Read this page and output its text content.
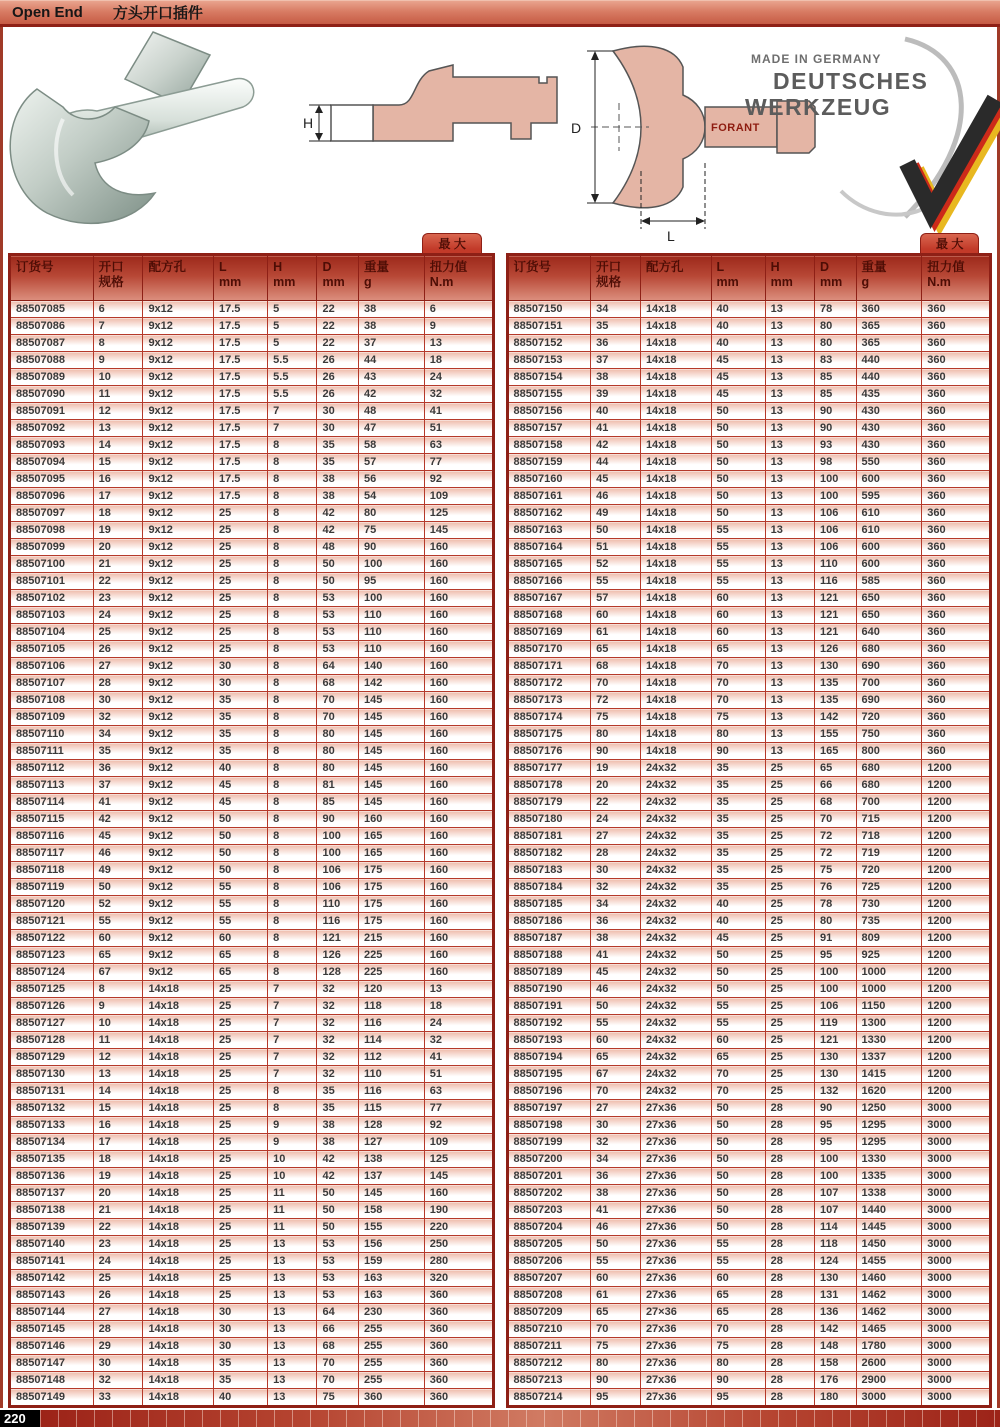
Open End 方头开口插件
H	FORANT
D
L
MADE IN GERMANY
DEUTSCHES
WERKZEUG
最 大
订货号	开口
规格

配方孔	L
mm

H
mm

D
mm

重量
g

扭力值
N.m

88507085	6	9x12	17.5	5	22	38	6
88507086	7	9x12	17.5	5	22	38	9
88507087	8	9x12	17.5	5	22	37	13
88507088	9	9x12	17.5	5.5	26	44	18
88507089	10	9x12	17.5	5.5	26	43	24
88507090	11	9x12	17.5	5.5	26	42	32
88507091	12	9x12	17.5	7	30	48	41
88507092	13	9x12	17.5	7	30	47	51
88507093	14	9x12	17.5	8	35	58	63
88507094	15	9x12	17.5	8	35	57	77
88507095	16	9x12	17.5	8	38	56	92
88507096	17	9x12	17.5	8	38	54	109
88507097	18	9x12	25	8	42	80	125
88507098	19	9x12	25	8	42	75	145
88507099	20	9x12	25	8	48	90	160
88507100	21	9x12	25	8	50	100	160
88507101	22	9x12	25	8	50	95	160
88507102	23	9x12	25	8	53	100	160
88507103	24	9x12	25	8	53	110	160
88507104	25	9x12	25	8	53	110	160
88507105	26	9x12	25	8	53	110	160
88507106	27	9x12	30	8	64	140	160
88507107	28	9x12	30	8	68	142	160
88507108	30	9x12	35	8	70	145	160
88507109	32	9x12	35	8	70	145	160
88507110	34	9x12	35	8	80	145	160
88507111	35	9x12	35	8	80	145	160
88507112	36	9x12	40	8	80	145	160
88507113	37	9x12	45	8	81	145	160
88507114	41	9x12	45	8	85	145	160
88507115	42	9x12	50	8	90	160	160
88507116	45	9x12	50	8	100	165	160
88507117	46	9x12	50	8	100	165	160
88507118	49	9x12	50	8	106	175	160
88507119	50	9x12	55	8	106	175	160
88507120	52	9x12	55	8	110	175	160
88507121	55	9x12	55	8	116	175	160
88507122	60	9x12	60	8	121	215	160
88507123	65	9x12	65	8	126	225	160
88507124	67	9x12	65	8	128	225	160
88507125	8	14x18	25	7	32	120	13
88507126	9	14x18	25	7	32	118	18
88507127	10	14x18	25	7	32	116	24
88507128	11	14x18	25	7	32	114	32
88507129	12	14x18	25	7	32	112	41
88507130	13	14x18	25	7	32	110	51
88507131	14	14x18	25	8	35	116	63
88507132	15	14x18	25	8	35	115	77
88507133	16	14x18	25	9	38	128	92
88507134	17	14x18	25	9	38	127	109
88507135	18	14x18	25	10	42	138	125
88507136	19	14x18	25	10	42	137	145
88507137	20	14x18	25	11	50	145	160
88507138	21	14x18	25	11	50	158	190
88507139	22	14x18	25	11	50	155	220
88507140	23	14x18	25	13	53	156	250
88507141	24	14x18	25	13	53	159	280
88507142	25	14x18	25	13	53	163	320
88507143	26	14x18	25	13	53	163	360
88507144	27	14x18	30	13	64	230	360
88507145	28	14x18	30	13	66	255	360
88507146	29	14x18	30	13	68	255	360
88507147	30	14x18	35	13	70	255	360
88507148	32	14x18	35	13	70	255	360
88507149	33	14x18	40	13	75	360	360
最 大
订货号	开口
规格

配方孔	L
mm

H
mm

D
mm

重量
g

扭力值
N.m

88507150	34	14x18	40	13	78	360	360
88507151	35	14x18	40	13	80	365	360
88507152	36	14x18	40	13	80	365	360
88507153	37	14x18	45	13	83	440	360
88507154	38	14x18	45	13	85	440	360
88507155	39	14x18	45	13	85	435	360
88507156	40	14x18	50	13	90	430	360
88507157	41	14x18	50	13	90	430	360
88507158	42	14x18	50	13	93	430	360
88507159	44	14x18	50	13	98	550	360
88507160	45	14x18	50	13	100	600	360
88507161	46	14x18	50	13	100	595	360
88507162	49	14x18	50	13	106	610	360
88507163	50	14x18	55	13	106	610	360
88507164	51	14x18	55	13	106	600	360
88507165	52	14x18	55	13	110	600	360
88507166	55	14x18	55	13	116	585	360
88507167	57	14x18	60	13	121	650	360
88507168	60	14x18	60	13	121	650	360
88507169	61	14x18	60	13	121	640	360
88507170	65	14x18	65	13	126	680	360
88507171	68	14x18	70	13	130	690	360
88507172	70	14x18	70	13	135	700	360
88507173	72	14x18	70	13	135	690	360
88507174	75	14x18	75	13	142	720	360
88507175	80	14x18	80	13	155	750	360
88507176	90	14x18	90	13	165	800	360
88507177	19	24x32	35	25	65	680	1200
88507178	20	24x32	35	25	66	680	1200
88507179	22	24x32	35	25	68	700	1200
88507180	24	24x32	35	25	70	715	1200
88507181	27	24x32	35	25	72	718	1200
88507182	28	24x32	35	25	72	719	1200
88507183	30	24x32	35	25	75	720	1200
88507184	32	24x32	35	25	76	725	1200
88507185	34	24x32	40	25	78	730	1200
88507186	36	24x32	40	25	80	735	1200
88507187	38	24x32	45	25	91	809	1200
88507188	41	24x32	50	25	95	925	1200
88507189	45	24x32	50	25	100	1000	1200
88507190	46	24x32	50	25	100	1000	1200
88507191	50	24x32	55	25	106	1150	1200
88507192	55	24x32	55	25	119	1300	1200
88507193	60	24x32	60	25	121	1330	1200
88507194	65	24x32	65	25	130	1337	1200
88507195	67	24x32	70	25	130	1415	1200
88507196	70	24x32	70	25	132	1620	1200
88507197	27	27x36	50	28	90	1250	3000
88507198	30	27x36	50	28	95	1295	3000
88507199	32	27x36	50	28	95	1295	3000
88507200	34	27x36	50	28	100	1330	3000
88507201	36	27x36	50	28	100	1335	3000
88507202	38	27x36	50	28	107	1338	3000
88507203	41	27x36	50	28	107	1440	3000
88507204	46	27x36	50	28	114	1445	3000
88507205	50	27x36	55	28	118	1450	3000
88507206	55	27x36	55	28	124	1455	3000
88507207	60	27x36	60	28	130	1460	3000
88507208	61	27x36	65	28	131	1462	3000
88507209	65	27×36	65	28	136	1462	3000
88507210	70	27x36	70	28	142	1465	3000
88507211	75	27x36	75	28	148	1780	3000
88507212	80	27x36	80	28	158	2600	3000
88507213	90	27x36	90	28	176	2900	3000
88507214	95	27x36	95	28	180	3000	3000
220
